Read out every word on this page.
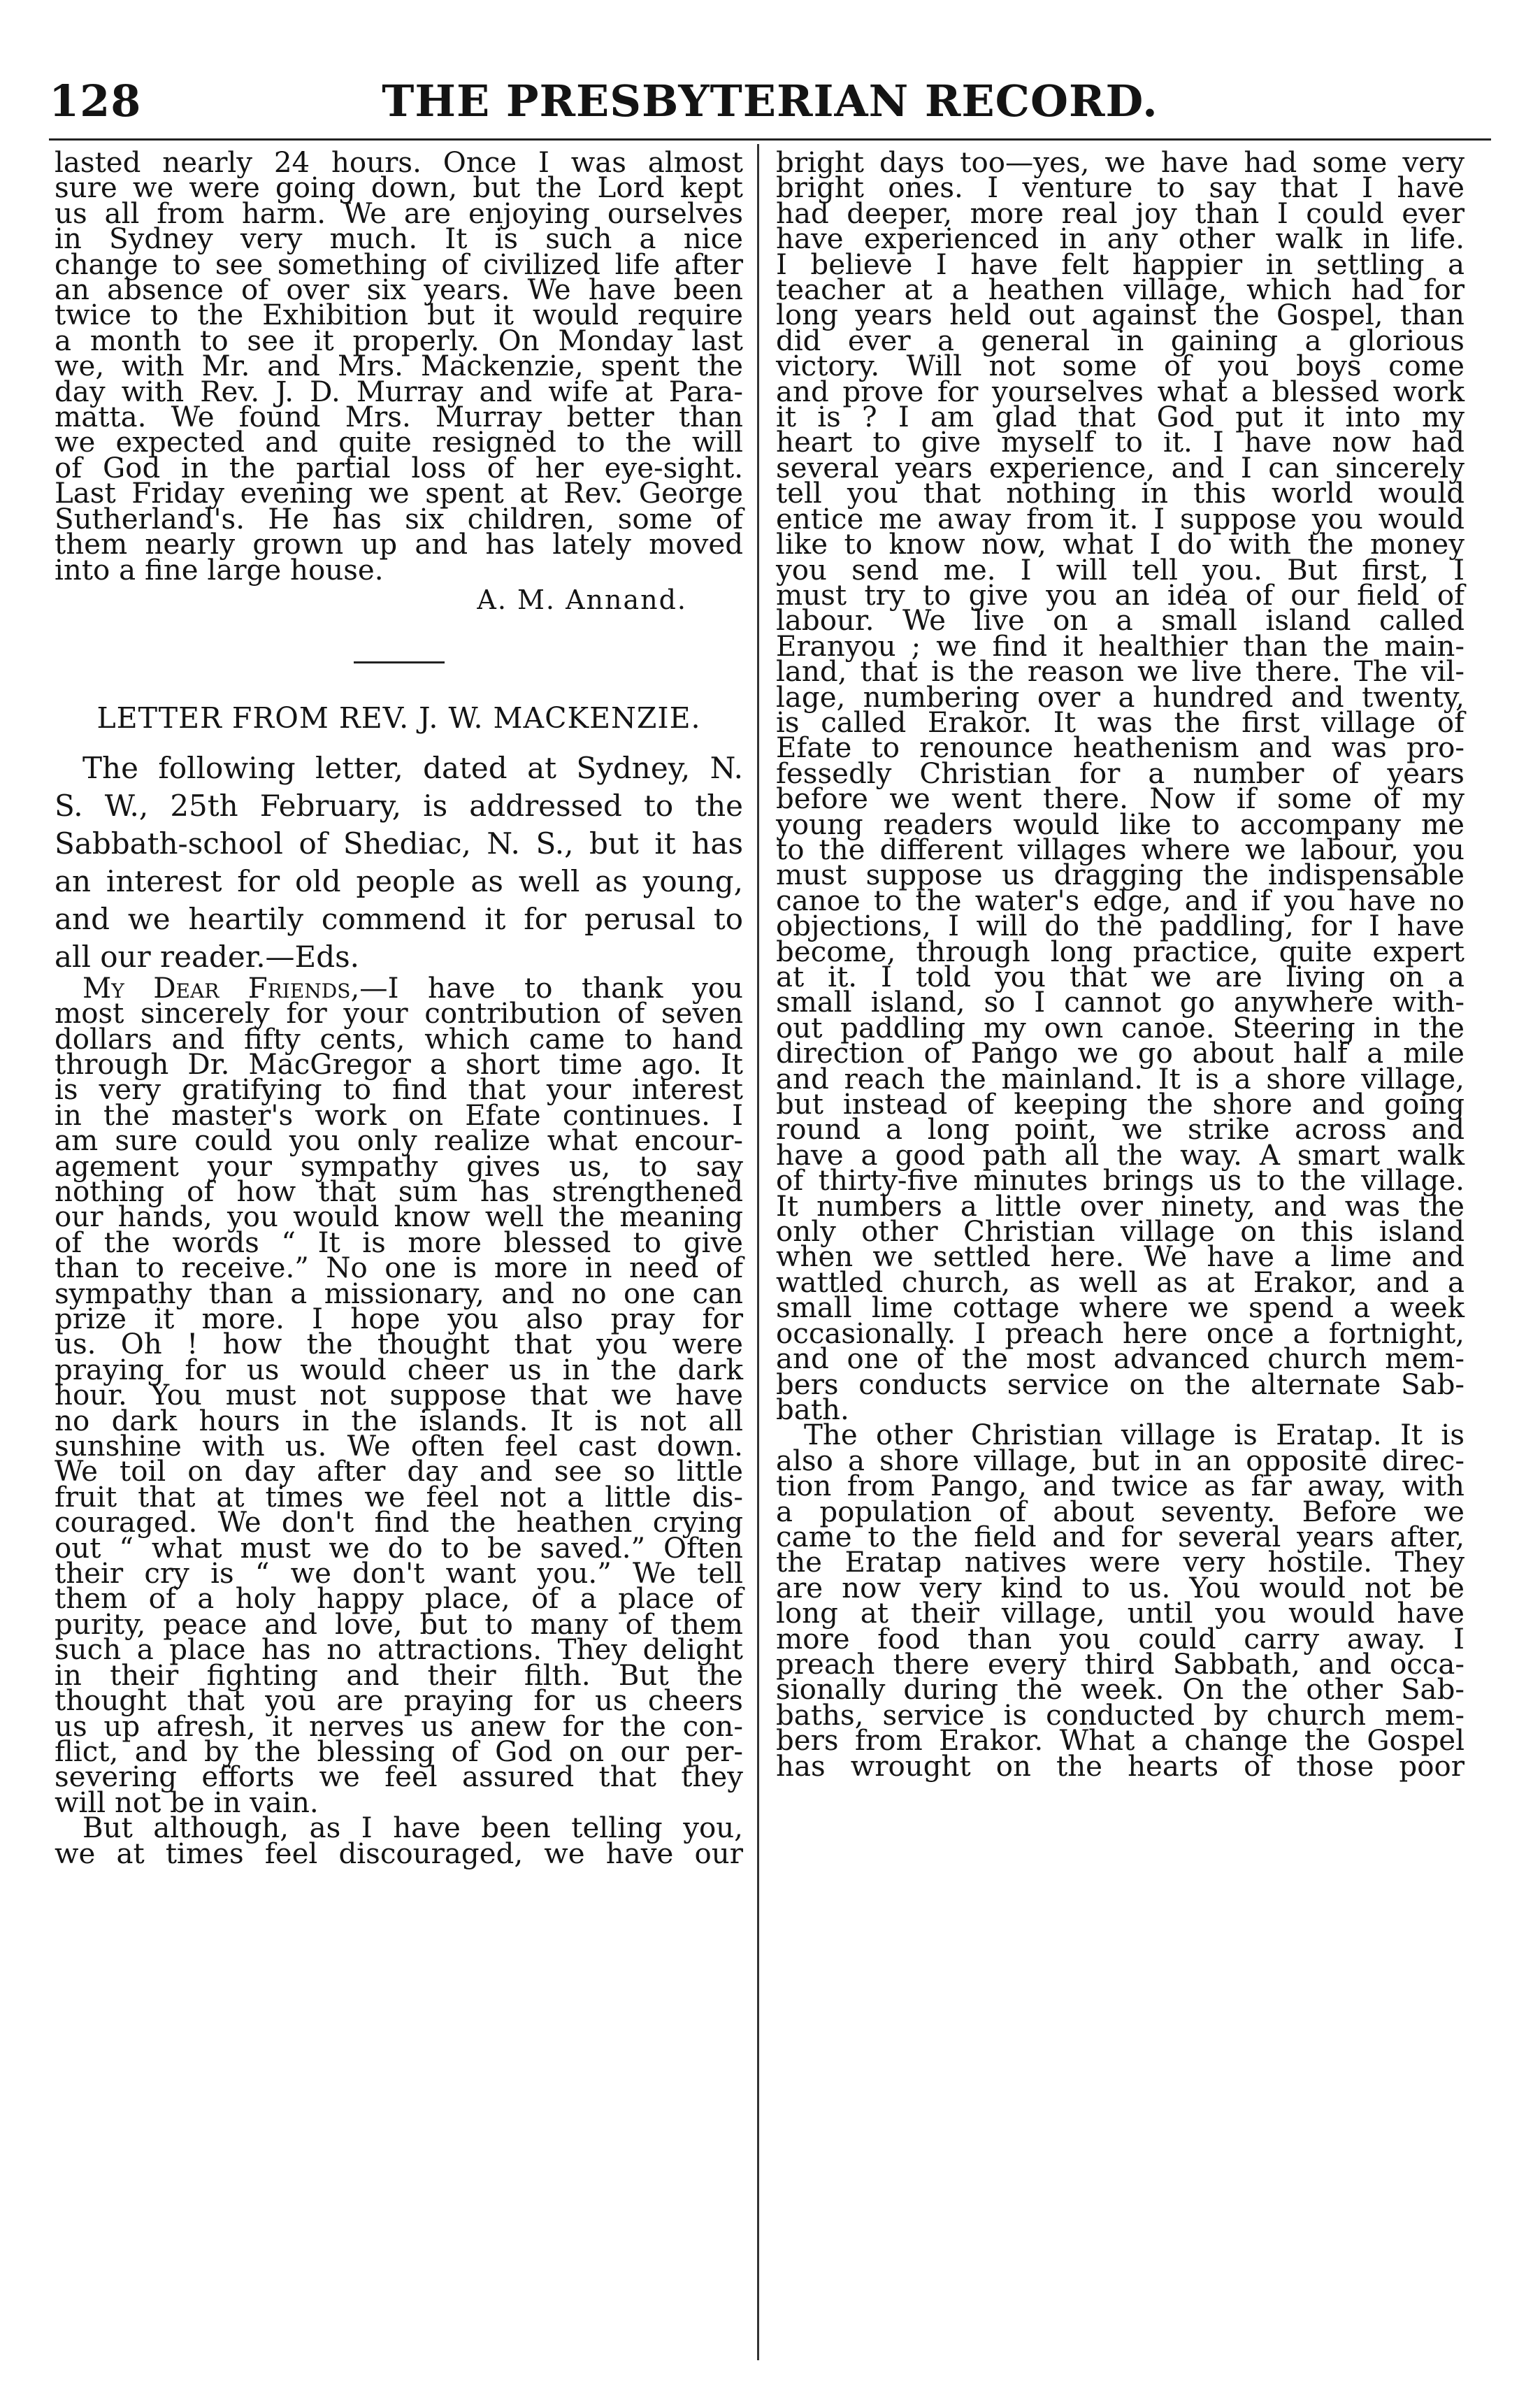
128	THE PRESBYTERIAN RECORD.

lasted nearly 24 hours. Once I was almost

sure we were going down, but the Lord kept

us all from harm. We are enjoying ourselves

in Sydney very much. It is such a nice

change to see something of civilized life after

an absence of over six years. We have been

twice to the Exhibition but it would require

a month to see it properly. On Monday last

we, with Mr. and Mrs. Mackenzie, spent the

day with Rev. J. D. Murray and wife at Para-

matta. We found Mrs. Murray better than

we expected and quite resigned to the will

of God in the partial loss of her eye-sight.

Last Friday evening we spent at Rev. George

Sutherland's. He has six children, some of

them nearly grown up and has lately moved

into a fine large house.

A. M. Annand.
LETTER FROM REV. J. W. MACKENZIE.

The following letter, dated at Sydney, N.

S. W., 25th February, is addressed to the

Sabbath-school of Shediac, N. S., but it has

an interest for old people as well as young,

and we heartily commend it for perusal to

all our reader.—Eds.

My Dear Friends,—I have to thank you

most sincerely for your contribution of seven

dollars and fifty cents, which came to hand

through Dr. MacGregor a short time ago. It

is very gratifying to find that your interest

in the master's work on Efate continues. I

am sure could you only realize what encour-

agement your sympathy gives us, to say

nothing of how that sum has strengthened

our hands, you would know well the meaning

of the words “ It is more blessed to give

than to receive.” No one is more in need of

sympathy than a missionary, and no one can

prize it more. I hope you also pray for

us. Oh ! how the thought that you were

praying for us would cheer us in the dark

hour. You must not suppose that we have

no dark hours in the islands. It is not all

sunshine with us. We often feel cast down.

We toil on day after day and see so little

fruit that at times we feel not a little dis-

couraged. We don't find the heathen crying

out “ what must we do to be saved.” Often

their cry is “ we don't want you.” We tell

them of a holy happy place, of a place of

purity, peace and love, but to many of them

such a place has no attractions. They delight

in their fighting and their filth. But the

thought that you are praying for us cheers

us up afresh, it nerves us anew for the con-

flict, and by the blessing of God on our per-

severing efforts we feel assured that they

will not be in vain.

But although, as I have been telling you,

we at times feel discouraged, we have our

bright days too—yes, we have had some very

bright ones. I venture to say that I have

had deeper, more real joy than I could ever

have experienced in any other walk in life.

I believe I have felt happier in settling a

teacher at a heathen village, which had for

long years held out against the Gospel, than

did ever a general in gaining a glorious

victory. Will not some of you boys come

and prove for yourselves what a blessed work

it is ? I am glad that God put it into my

heart to give myself to it. I have now had

several years experience, and I can sincerely

tell you that nothing in this world would

entice me away from it. I suppose you would

like to know now, what I do with the money

you send me. I will tell you. But first, I

must try to give you an idea of our field of

labour. We live on a small island called

Eranyou ; we find it healthier than the main-

land, that is the reason we live there. The vil-

lage, numbering over a hundred and twenty,

is called Erakor. It was the first village of

Efate to renounce heathenism and was pro-

fessedly Christian for a number of years

before we went there. Now if some of my

young readers would like to accompany me

to the different villages where we labour, you

must suppose us dragging the indispensable

canoe to the water's edge, and if you have no

objections, I will do the paddling, for I have

become, through long practice, quite expert

at it. I told you that we are living on a

small island, so I cannot go anywhere with-

out paddling my own canoe. Steering in the

direction of Pango we go about half a mile

and reach the mainland. It is a shore village,

but instead of keeping the shore and going

round a long point, we strike across and

have a good path all the way. A smart walk

of thirty-five minutes brings us to the village.

It numbers a little over ninety, and was the

only other Christian village on this island

when we settled here. We have a lime and

wattled church, as well as at Erakor, and a

small lime cottage where we spend a week

occasionally. I preach here once a fortnight,

and one of the most advanced church mem-

bers conducts service on the alternate Sab-

bath.

The other Christian village is Eratap. It is

also a shore village, but in an opposite direc-

tion from Pango, and twice as far away, with

a population of about seventy. Before we

came to the field and for several years after,

the Eratap natives were very hostile. They

are now very kind to us. You would not be

long at their village, until you would have

more food than you could carry away. I

preach there every third Sabbath, and occa-

sionally during the week. On the other Sab-

baths, service is conducted by church mem-

bers from Erakor. What a change the Gospel

has wrought on the hearts of those poor
